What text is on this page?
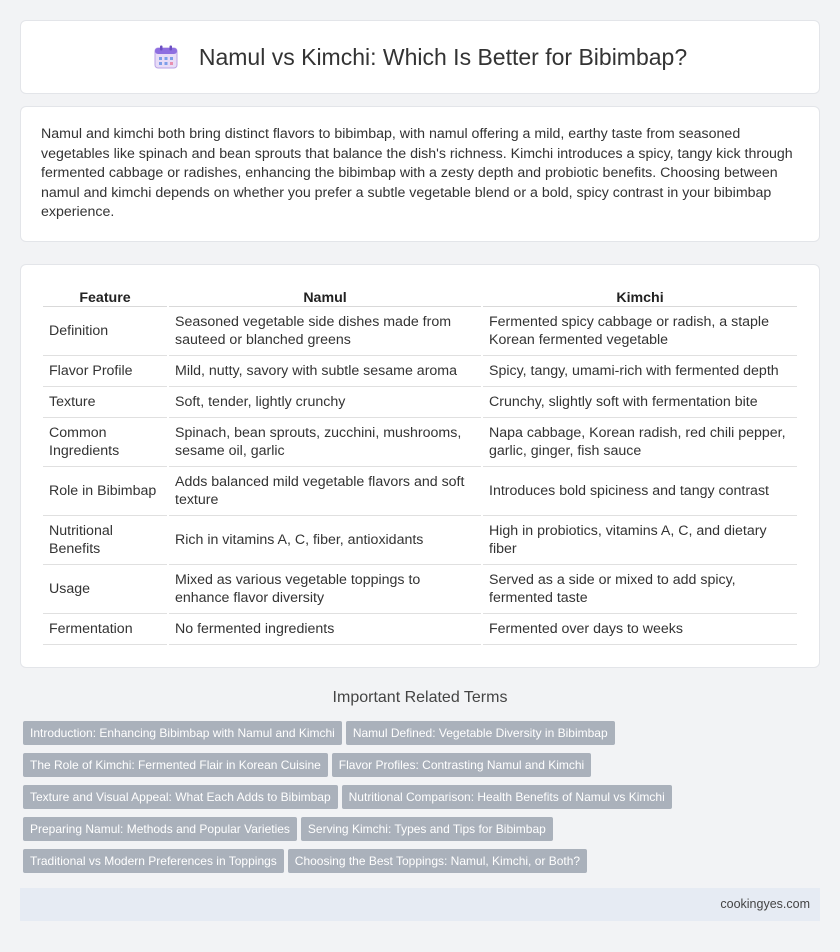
Namul vs Kimchi: Which Is Better for Bibimbap?

Namul and kimchi both bring distinct flavors to bibimbap, with namul offering a mild, earthy taste from seasoned vegetables like spinach and bean sprouts that balance the dish's richness. Kimchi introduces a spicy, tangy kick through fermented cabbage or radishes, enhancing the bibimbap with a zesty depth and probiotic benefits. Choosing between namul and kimchi depends on whether you prefer a subtle vegetable blend or a bold, spicy contrast in your bibimbap experience.

Feature	Namul	Kimchi
Definition	Seasoned vegetable side dishes made from sauteed or blanched greens	Fermented spicy cabbage or radish, a staple Korean fermented vegetable
Flavor Profile	Mild, nutty, savory with subtle sesame aroma	Spicy, tangy, umami-rich with fermented depth
Texture	Soft, tender, lightly crunchy	Crunchy, slightly soft with fermentation bite
Common Ingredients	Spinach, bean sprouts, zucchini, mushrooms, sesame oil, garlic	Napa cabbage, Korean radish, red chili pepper, garlic, ginger, fish sauce
Role in Bibimbap	Adds balanced mild vegetable flavors and soft texture	Introduces bold spiciness and tangy contrast
Nutritional Benefits	Rich in vitamins A, C, fiber, antioxidants	High in probiotics, vitamins A, C, and dietary fiber
Usage	Mixed as various vegetable toppings to enhance flavor diversity	Served as a side or mixed to add spicy, fermented taste
Fermentation	No fermented ingredients	Fermented over days to weeks
Important Related Terms
Introduction: Enhancing Bibimbap with Namul and Kimchi Namul Defined: Vegetable Diversity in Bibimbap
The Role of Kimchi: Fermented Flair in Korean Cuisine Flavor Profiles: Contrasting Namul and Kimchi
Texture and Visual Appeal: What Each Adds to Bibimbap Nutritional Comparison: Health Benefits of Namul vs Kimchi
Preparing Namul: Methods and Popular Varieties Serving Kimchi: Types and Tips for Bibimbap
Traditional vs Modern Preferences in Toppings Choosing the Best Toppings: Namul, Kimchi, or Both?
cookingyes.com
